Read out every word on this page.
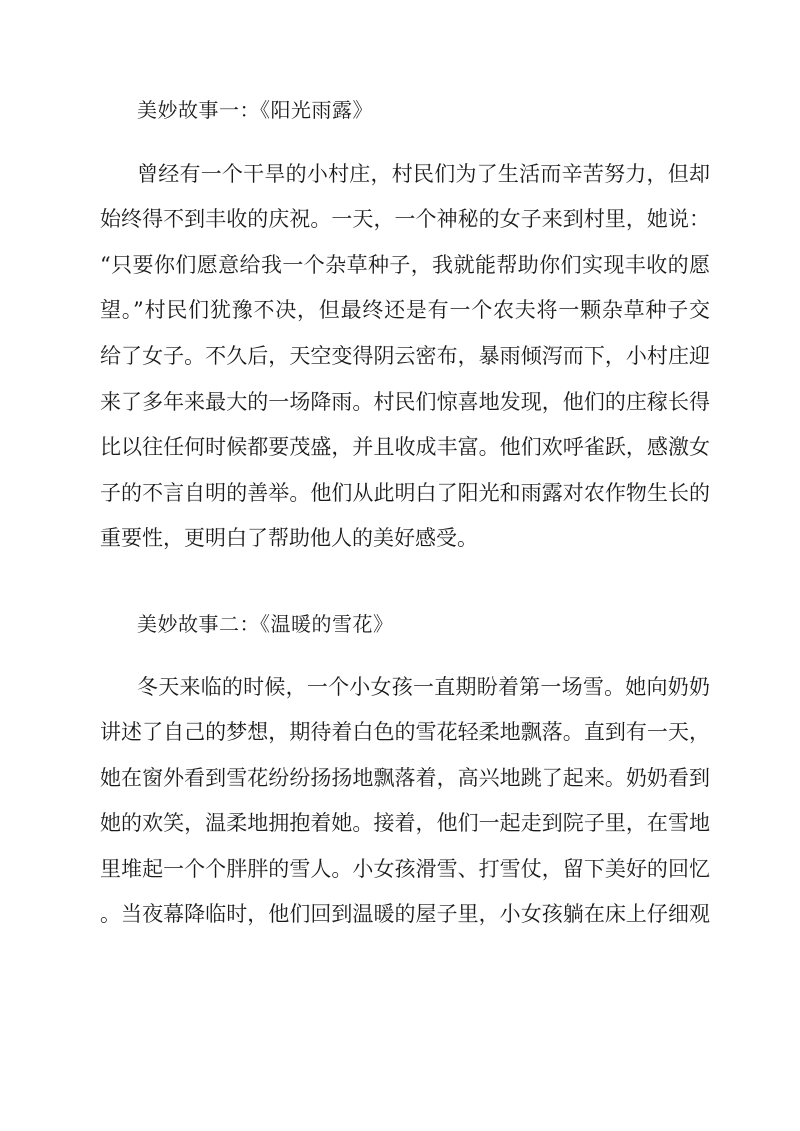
美妙故事一：《阳光雨露》
曾经有一个干旱的小村庄，村民们为了生活而辛苦努力，但却
始终得不到丰收的庆祝。一天，一个神秘的女子来到村里，她说：
“只要你们愿意给我一个杂草种子，我就能帮助你们实现丰收的愿
望。”村民们犹豫不决，但最终还是有一个农夫将一颗杂草种子交
给了女子。不久后，天空变得阴云密布，暴雨倾泻而下，小村庄迎
来了多年来最大的一场降雨。村民们惊喜地发现，他们的庄稼长得
比以往任何时候都要茂盛，并且收成丰富。他们欢呼雀跃，感激女
子的不言自明的善举。他们从此明白了阳光和雨露对农作物生长的
重要性，更明白了帮助他人的美好感受。
美妙故事二：《温暖的雪花》
冬天来临的时候，一个小女孩一直期盼着第一场雪。她向奶奶
讲述了自己的梦想，期待着白色的雪花轻柔地飘落。直到有一天，
她在窗外看到雪花纷纷扬扬地飘落着，高兴地跳了起来。奶奶看到
她的欢笑，温柔地拥抱着她。接着，他们一起走到院子里，在雪地
里堆起一个个胖胖的雪人。小女孩滑雪、打雪仗，留下美好的回忆
。当夜幕降临时，他们回到温暖的屋子里，小女孩躺在床上仔细观
